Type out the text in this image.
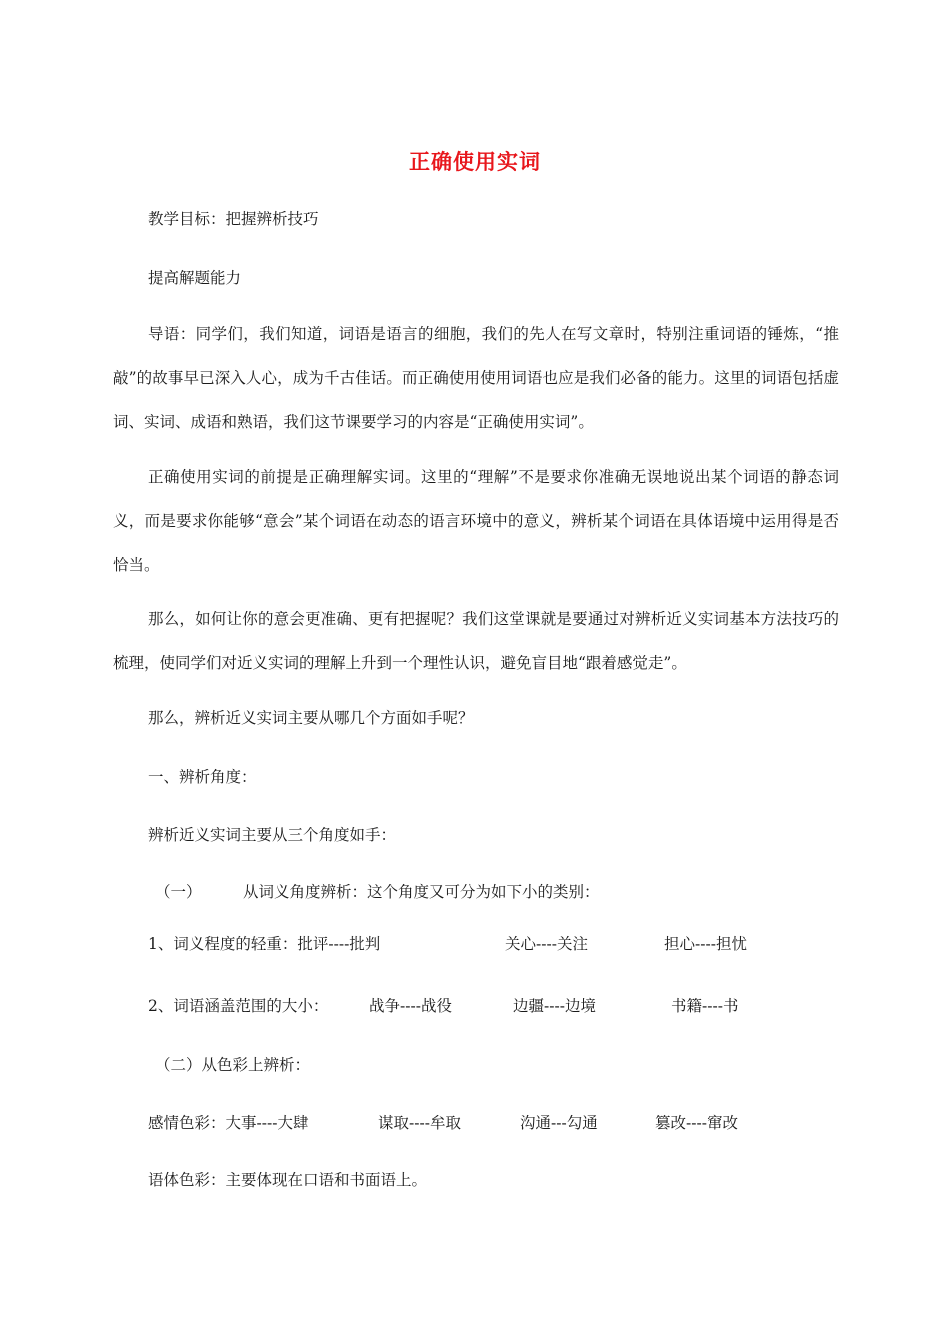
正确使用实词
教学目标：把握辨析技巧
提高解题能力

导语：同学们，我们知道，词语是语言的细胞，我们的先人在写文章时，特别注重词语的锤炼，“推敲”的故事早已深入人心，成为千古佳话。而正确使用使用词语也应是我们必备的能力。这里的词语包括虚词、实词、成语和熟语，我们这节课要学习的内容是“正确使用实词”。

正确使用实词的前提是正确理解实词。这里的“理解”不是要求你准确无误地说出某个词语的静态词义，而是要求你能够“意会”某个词语在动态的语言环境中的意义，辨析某个词语在具体语境中运用得是否恰当。

那么，如何让你的意会更准确、更有把握呢？我们这堂课就是要通过对辨析近义实词基本方法技巧的梳理，使同学们对近义实词的理解上升到一个理性认识，避免盲目地“跟着感觉走”。

那么，辨析近义实词主要从哪几个方面如手呢？
一、辨析角度：
辨析近义实词主要从三个角度如手：
（一）	从词义角度辨析：这个角度又可分为如下小的类别：
1、词义程度的轻重：批评----批判	关心----关注	担心----担忧
2、词语涵盖范围的大小：	战争----战役	边疆----边境	书籍----书
（二）从色彩上辨析：
感情色彩：大事----大肆	谋取----牟取	沟通---勾通	篡改----窜改
语体色彩：主要体现在口语和书面语上。
